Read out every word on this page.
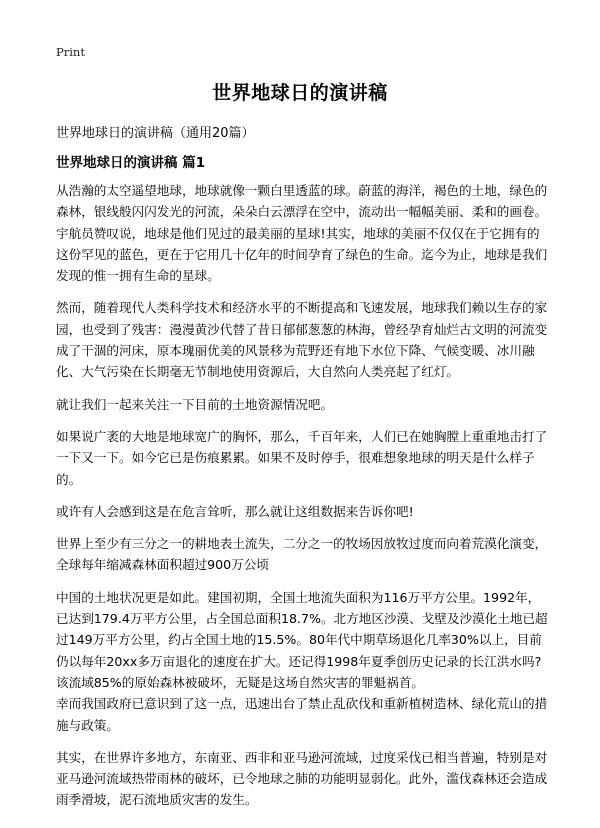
Print
世界地球日的演讲稿
世界地球日的演讲稿（通用20篇）
世界地球日的演讲稿 篇1

从浩瀚的太空遥望地球，地球就像一颗白里透蓝的球。蔚蓝的海洋，褐色的土地，绿色的森林，银线般闪闪发光的河流，朵朵白云漂浮在空中，流动出一幅幅美丽、柔和的画卷。宇航员赞叹说，地球是他们见过的最美丽的星球!其实，地球的美丽不仅仅在于它拥有的这份罕见的蓝色，更在于它用几十亿年的时间孕育了绿色的生命。迄今为止，地球是我们发现的惟一拥有生命的星球。

然而，随着现代人类科学技术和经济水平的不断提高和飞速发展，地球我们赖以生存的家园，也受到了残害：漫漫黄沙代替了昔日郁郁葱葱的林海，曾经孕育灿烂古文明的河流变成了干涸的河床，原本瑰丽优美的风景移为荒野还有地下水位下降、气候变暖、冰川融化、大气污染在长期毫无节制地使用资源后，大自然向人类亮起了红灯。

就让我们一起来关注一下目前的土地资源情况吧。

如果说广袤的大地是地球宽广的胸怀，那么，千百年来，人们已在她胸膛上重重地击打了一下又一下。如今它已是伤痕累累。如果不及时停手，很难想象地球的明天是什么样子的。

或许有人会感到这是在危言耸听，那么就让这组数据来告诉你吧!

世界上至少有三分之一的耕地表土流失，二分之一的牧场因放牧过度而向着荒漠化演变，全球每年缩减森林面积超过900万公顷

中国的土地状况更是如此。建国初期，全国土地流失面积为116万平方公里。1992年，已达到179.4万平方公里，占全国总面积18.7%。北方地区沙漠、戈壁及沙漠化土地已超过149万平方公里，约占全国土地的15.5%。80年代中期草场退化几率30%以上，目前仍以每年20xx多万亩退化的速度在扩大。还记得1998年夏季创历史记录的长江洪水吗?该流域85%的原始森林被破坏，无疑是这场自然灾害的罪魁祸首。

幸而我国政府已意识到了这一点，迅速出台了禁止乱砍伐和重新植树造林、绿化荒山的措施与政策。

其实，在世界许多地方，东南亚、西非和亚马逊河流域，过度采伐已相当普遍，特别是对亚马逊河流域热带雨林的破坏，已令地球之肺的功能明显弱化。此外，滥伐森林还会造成雨季滑坡，泥石流地质灾害的发生。
